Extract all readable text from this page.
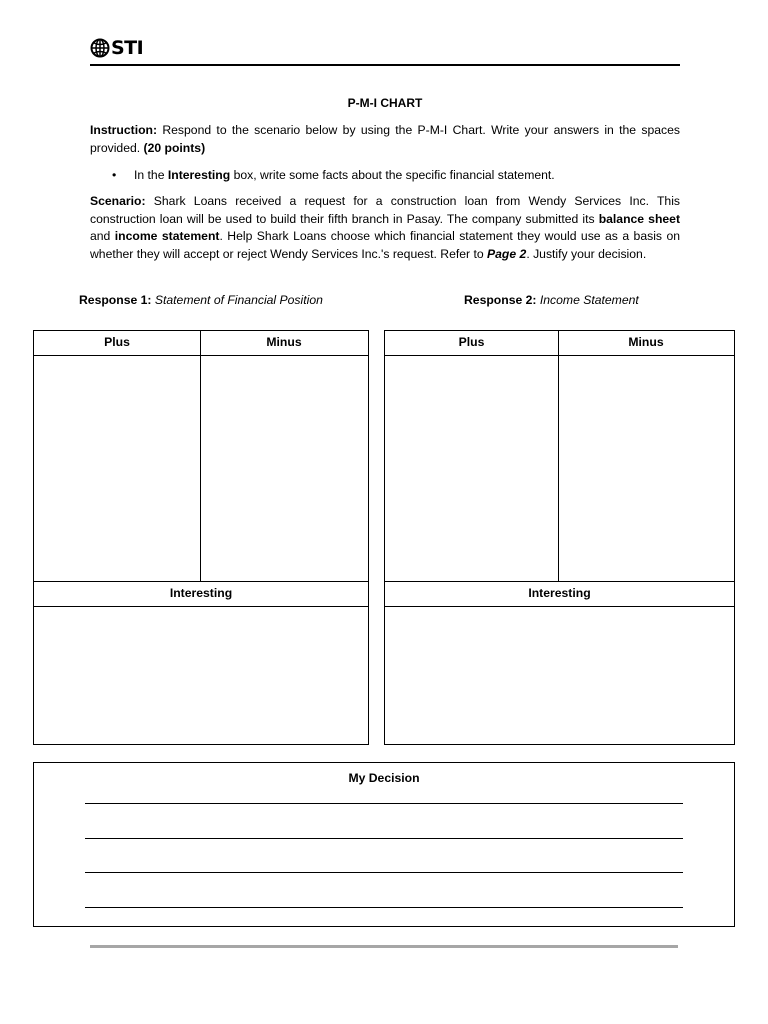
STI
P-M-I CHART
Instruction: Respond to the scenario below by using the P-M-I Chart. Write your answers in the spaces provided. (20 points)
• In the Interesting box, write some facts about the specific financial statement.
Scenario: Shark Loans received a request for a construction loan from Wendy Services Inc. This construction loan will be used to build their fifth branch in Pasay. The company submitted its balance sheet and income statement. Help Shark Loans choose which financial statement they would use as a basis on whether they will accept or reject Wendy Services Inc.'s request. Refer to Page 2. Justify your decision.
Response 1: Statement of Financial Position	Response 2: Income Statement
Plus	Minus
Interesting
Plus	Minus
Interesting
My Decision
